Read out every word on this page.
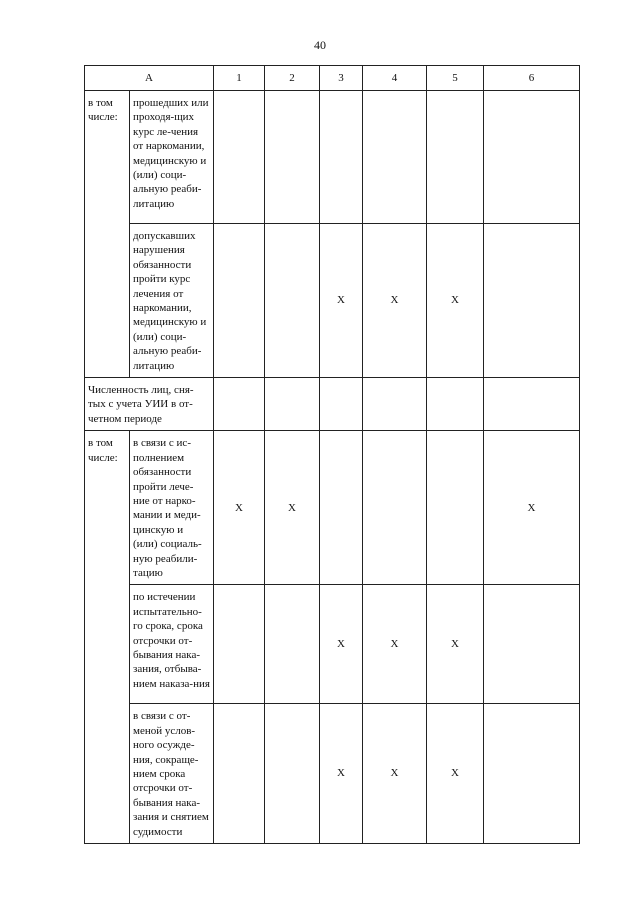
40
А		1	2	3	4	5	6
в том числе:	прошедших или проходя-щих курс ле-чения от наркомании, медицинскую и (или) соци-альную реаби-литацию						
	допускавших нарушения обязанности пройти курс лечения от наркомании, медицинскую и (или) соци-альную реаби-литацию			X	X	X	
Численность лиц, сня-тых с учета УИИ в от-четном периоде							
в том числе:	в связи с ис-полнением обязанности пройти лече-ние от нарко-мании и меди-цинскую и (или) социаль-ную реабили-тацию	X	X				X
	по истечении испытательно-го срока, срока отсрочки от-бывания нака-зания, отбыва-нием наказа-ния			X	X	X	
	в связи с от-меной услов-ного осужде-ния, сокраще-нием срока отсрочки от-бывания нака-зания и снятием судимости			X	X	X	
